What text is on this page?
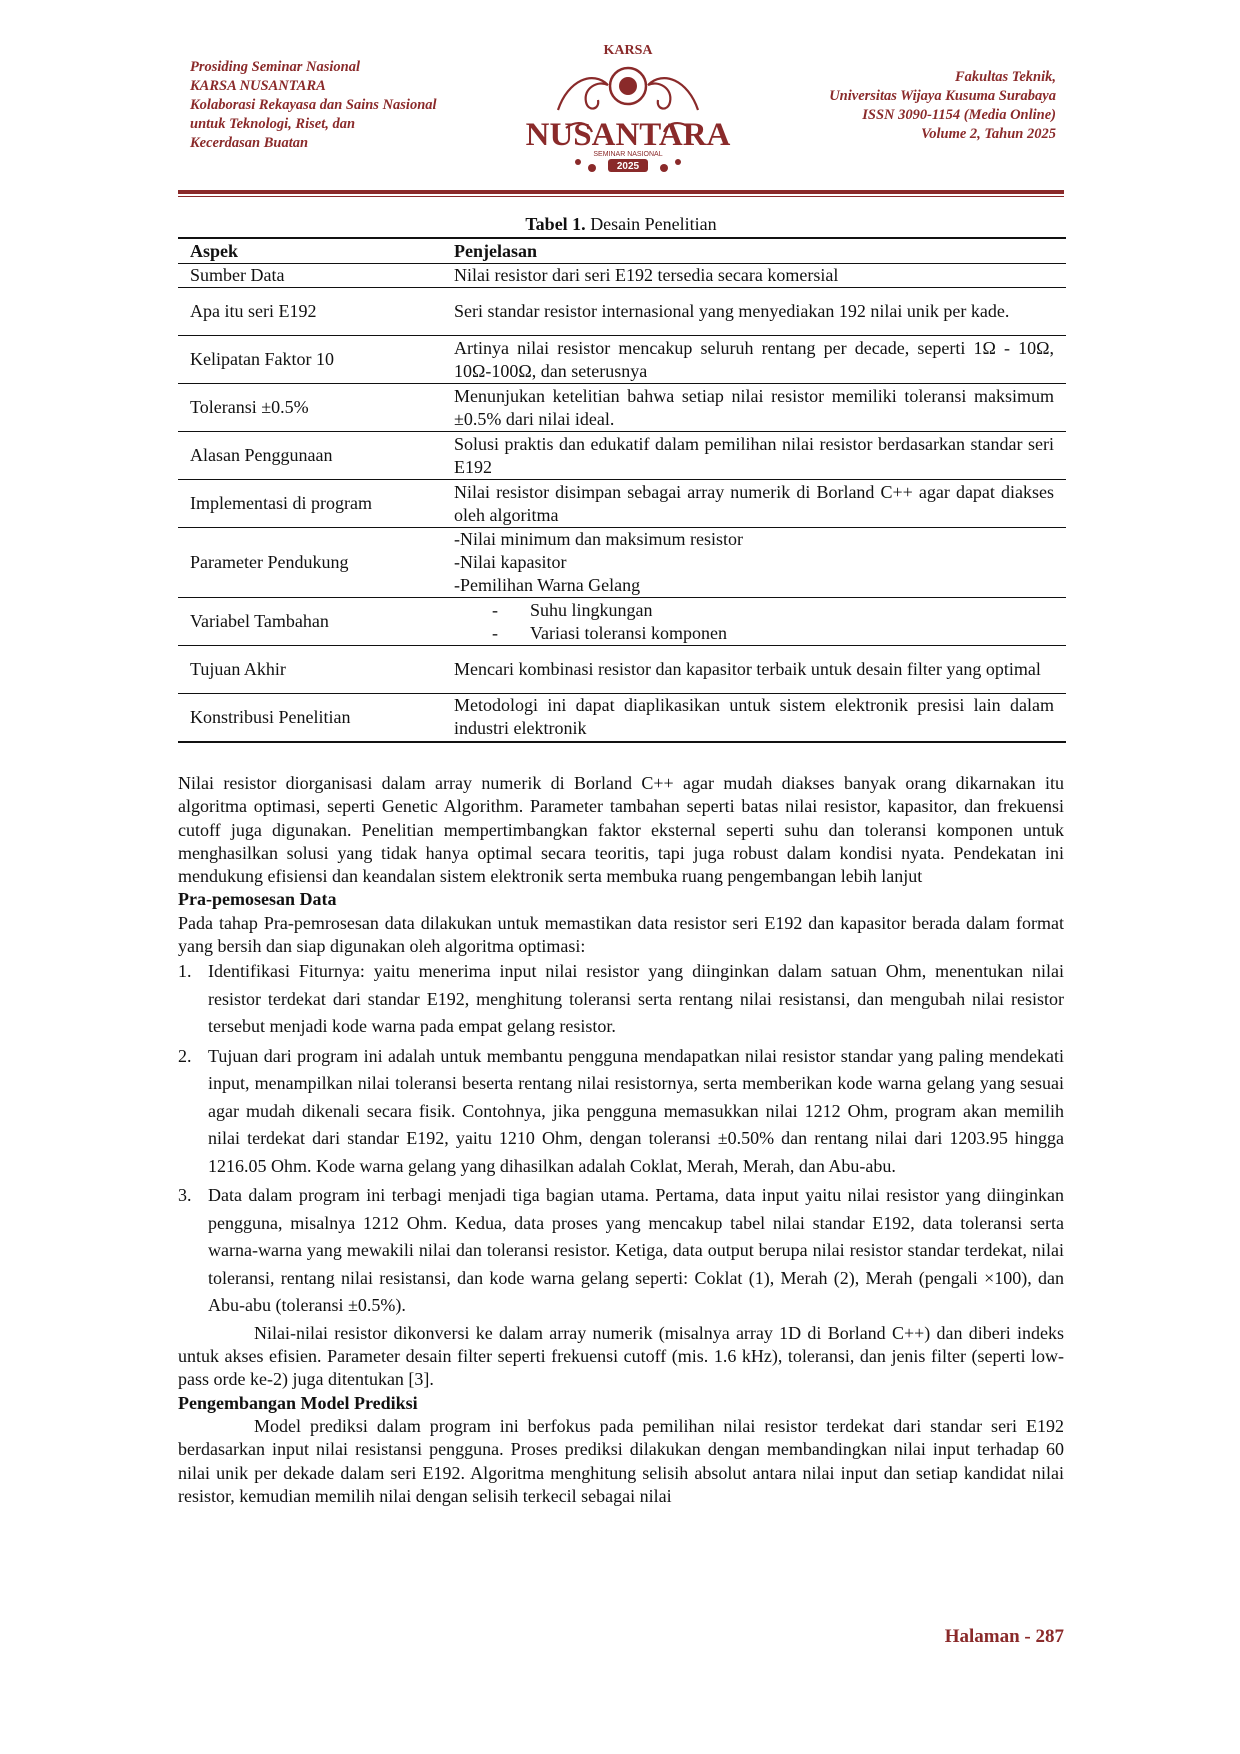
Prosiding Seminar Nasional
KARSA NUSANTARA
Kolaborasi Rekayasa dan Sains Nasional
untuk Teknologi, Riset, dan
Kecerdasan Buatan
KARSA
NUSANTARA
SEMINAR NASIONAL
2025
Fakultas Teknik,
Universitas Wijaya Kusuma Surabaya
ISSN 3090-1154 (Media Online)
Volume 2, Tahun 2025
Tabel 1. Desain Penelitian
Aspek	Penjelasan
Sumber Data	Nilai resistor dari seri E192 tersedia secara komersial
Apa itu seri E192	Seri standar resistor internasional yang menyediakan 192 nilai unik per kade.
Kelipatan Faktor 10	Artinya nilai resistor mencakup seluruh rentang per decade, seperti 1Ω - 10Ω, 10Ω-100Ω, dan seterusnya
Toleransi ±0.5%	Menunjukan ketelitian bahwa setiap nilai resistor memiliki toleransi maksimum ±0.5% dari nilai ideal.
Alasan Penggunaan	Solusi praktis dan edukatif dalam pemilihan nilai resistor berdasarkan standar seri E192
Implementasi di program	Nilai resistor disimpan sebagai array numerik di Borland C++ agar dapat diakses oleh algoritma
Parameter Pendukung	-Nilai minimum dan maksimum resistor
-Nilai kapasitor
-Pemilihan Warna Gelang

Variabel Tambahan	- Suhu lingkungan
- Variasi toleransi komponen

Tujuan Akhir	Mencari kombinasi resistor dan kapasitor terbaik untuk desain filter yang optimal
Konstribusi Penelitian	Metodologi ini dapat diaplikasikan untuk sistem elektronik presisi lain dalam industri elektronik

Nilai resistor diorganisasi dalam array numerik di Borland C++ agar mudah diakses banyak orang dikarnakan itu algoritma optimasi, seperti Genetic Algorithm. Parameter tambahan seperti batas nilai resistor, kapasitor, dan frekuensi cutoff juga digunakan. Penelitian mempertimbangkan faktor eksternal seperti suhu dan toleransi komponen untuk menghasilkan solusi yang tidak hanya optimal secara teoritis, tapi juga robust dalam kondisi nyata. Pendekatan ini mendukung efisiensi dan keandalan sistem elektronik serta membuka ruang pengembangan lebih lanjut

Pra-pemosesan Data

Pada tahap Pra-pemrosesan data dilakukan untuk memastikan data resistor seri E192 dan kapasitor berada dalam format yang bersih dan siap digunakan oleh algoritma optimasi:

1. Identifikasi Fiturnya: yaitu menerima input nilai resistor yang diinginkan dalam satuan Ohm, menentukan nilai resistor terdekat dari standar E192, menghitung toleransi serta rentang nilai resistansi, dan mengubah nilai resistor tersebut menjadi kode warna pada empat gelang resistor.
2. Tujuan dari program ini adalah untuk membantu pengguna mendapatkan nilai resistor standar yang paling mendekati input, menampilkan nilai toleransi beserta rentang nilai resistornya, serta memberikan kode warna gelang yang sesuai agar mudah dikenali secara fisik. Contohnya, jika pengguna memasukkan nilai 1212 Ohm, program akan memilih nilai terdekat dari standar E192, yaitu 1210 Ohm, dengan toleransi ±0.50% dan rentang nilai dari 1203.95 hingga 1216.05 Ohm. Kode warna gelang yang dihasilkan adalah Coklat, Merah, Merah, dan Abu-abu.
3. Data dalam program ini terbagi menjadi tiga bagian utama. Pertama, data input yaitu nilai resistor yang diinginkan pengguna, misalnya 1212 Ohm. Kedua, data proses yang mencakup tabel nilai standar E192, data toleransi serta warna-warna yang mewakili nilai dan toleransi resistor. Ketiga, data output berupa nilai resistor standar terdekat, nilai toleransi, rentang nilai resistansi, dan kode warna gelang seperti: Coklat (1), Merah (2), Merah (pengali ×100), dan Abu-abu (toleransi ±0.5%).

Nilai-nilai resistor dikonversi ke dalam array numerik (misalnya array 1D di Borland C++) dan diberi indeks untuk akses efisien. Parameter desain filter seperti frekuensi cutoff (mis. 1.6 kHz), toleransi, dan jenis filter (seperti low-pass orde ke-2) juga ditentukan [3].

Pengembangan Model Prediksi

Model prediksi dalam program ini berfokus pada pemilihan nilai resistor terdekat dari standar seri E192 berdasarkan input nilai resistansi pengguna. Proses prediksi dilakukan dengan membandingkan nilai input terhadap 60 nilai unik per dekade dalam seri E192. Algoritma menghitung selisih absolut antara nilai input dan setiap kandidat nilai resistor, kemudian memilih nilai dengan selisih terkecil sebagai nilai

Halaman - 287
